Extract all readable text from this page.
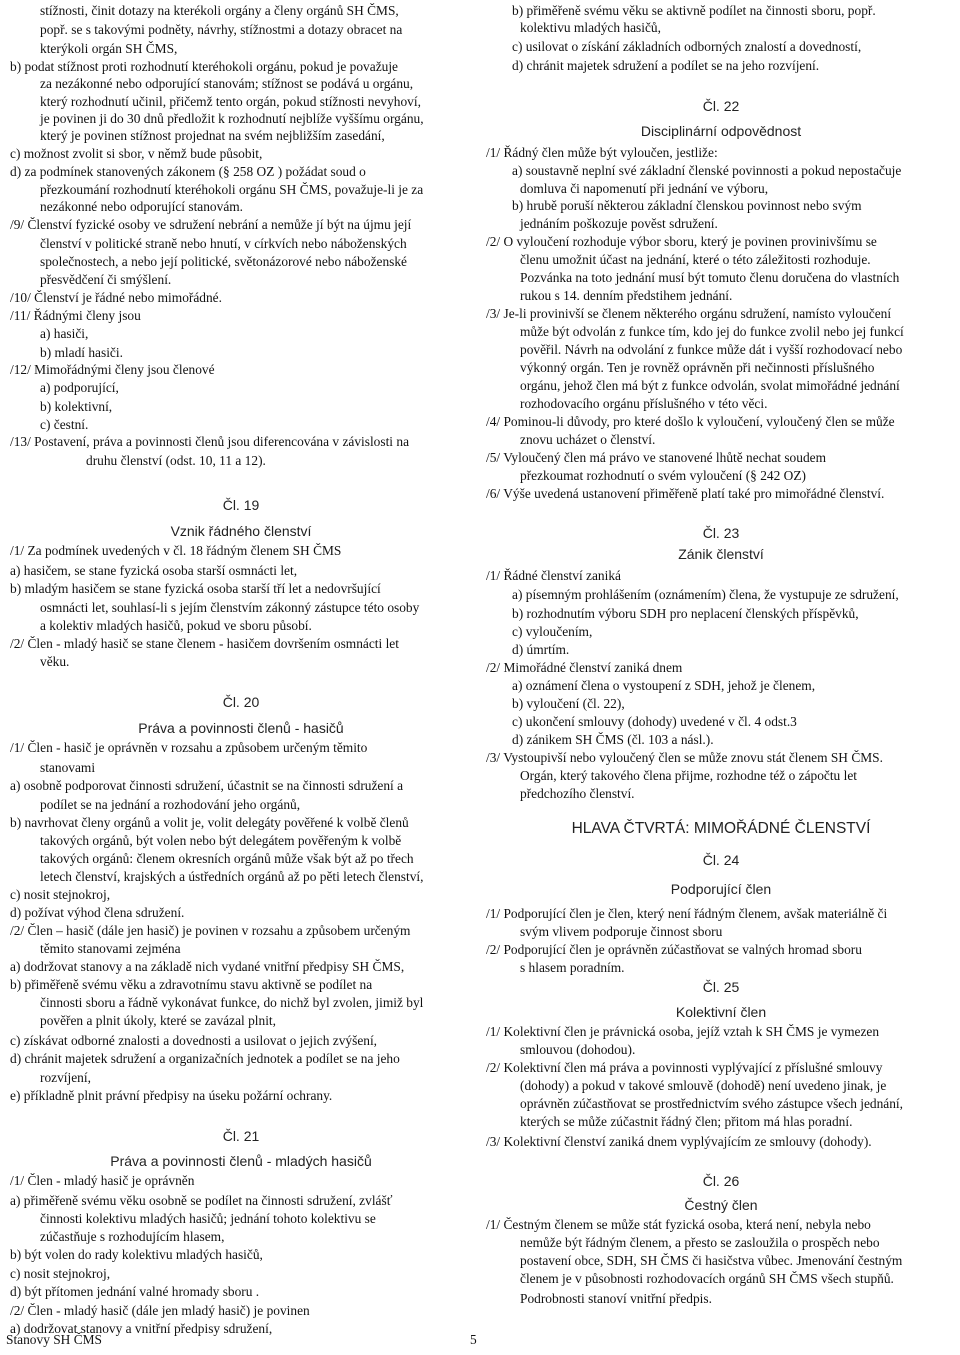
stížnosti, činit dotazy na kterékoli orgány a členy orgánů SH ČMS,
popř. se s takovými podněty, návrhy, stížnostmi a dotazy obracet na
kterýkoli orgán SH ČMS,
b) podat stížnost proti rozhodnutí kteréhokoli orgánu, pokud je považuje
za nezákonné nebo odporující stanovám; stížnost se podává u orgánu,
který rozhodnutí učinil, přičemž tento orgán, pokud stížnosti nevyhoví,
je povinen ji do 30 dnů předložit k rozhodnutí nejblíže vyššímu orgánu,
který je povinen stížnost projednat na svém nejbližším zasedání,
c) možnost zvolit si sbor, v němž bude působit,
d) za podmínek stanovených zákonem (§ 258 OZ ) požádat soud o
přezkoumání rozhodnutí kteréhokoli orgánu SH ČMS, považuje-li je za
nezákonné nebo odporující stanovám.
/9/ Členství fyzické osoby ve sdružení nebrání a nemůže jí být na újmu její
členství v politické straně nebo hnutí, v církvích nebo náboženských
společnostech, a nebo její politické, světonázorové nebo náboženské
přesvědčení či smýšlení.
/10/ Členství je řádné nebo mimořádné.
/11/ Řádnými členy jsou
a) hasiči,
b) mladí hasiči.
/12/ Mimořádnými členy jsou členové
a) podporující,
b) kolektivní,
c) čestní.
/13/ Postavení, práva a povinnosti členů jsou diferencována v závislosti na
druhu členství (odst. 10, 11 a 12).
Čl. 19
Vznik řádného členství
/1/ Za podmínek uvedených v čl. 18 řádným členem SH ČMS
a) hasičem, se stane fyzická osoba starší osmnácti let,
b) mladým hasičem se stane fyzická osoba starší tří let a nedovršující
osmnácti let, souhlasí-li s jejím členstvím zákonný zástupce této osoby
a kolektiv mladých hasičů, pokud ve sboru působí.
/2/ Člen - mladý hasič se stane členem - hasičem dovršením osmnácti let
věku.
Čl. 20
Práva a povinnosti členů - hasičů
/1/ Člen - hasič je oprávněn v rozsahu a způsobem určeným těmito
stanovami
a) osobně podporovat činnosti sdružení, účastnit se na činnosti sdružení a
podílet se na jednání a rozhodování jeho orgánů,
b) navrhovat členy orgánů a volit je, volit delegáty pověřené k volbě členů
takových orgánů, být volen nebo být delegátem pověřeným k volbě
takových orgánů: členem okresních orgánů může však být až po třech
letech členství, krajských a ústředních orgánů až po pěti letech členství,
c) nosit stejnokroj,
d) požívat výhod člena sdružení.
/2/ Člen – hasič (dále jen hasič) je povinen v rozsahu a způsobem určeným
těmito stanovami zejména
a) dodržovat stanovy a na základě nich vydané vnitřní předpisy SH ČMS,
b) přiměřeně svému věku a zdravotnímu stavu aktivně se podílet na
činnosti sboru a řádně vykonávat funkce, do nichž byl zvolen, jimiž byl
pověřen a plnit úkoly, které se zavázal plnit,
c) získávat odborné znalosti a dovednosti a usilovat o jejich zvýšení,
d) chránit majetek sdružení a organizačních jednotek a podílet se na jeho
rozvíjení,
e) příkladně plnit právní předpisy na úseku požární ochrany.
Čl. 21
Práva a povinnosti členů - mladých hasičů
/1/ Člen - mladý hasič je oprávněn
a) přiměřeně svému věku osobně se podílet na činnosti sdružení, zvlášť
činnosti kolektivu mladých hasičů; jednání tohoto kolektivu se
zúčastňuje s rozhodujícím hlasem,
b) být volen do rady kolektivu mladých hasičů,
c) nosit stejnokroj,
d) být přítomen jednání valné hromady sboru .
/2/ Člen - mladý hasič (dále jen mladý hasič) je povinen
a) dodržovat stanovy a vnitřní předpisy sdružení,
b) přiměřeně svému věku se aktivně podílet na činnosti sboru, popř.
kolektivu mladých hasičů,
c) usilovat o získání základních odborných znalostí a dovedností,
d) chránit majetek sdružení a podílet se na jeho rozvíjení.
Čl. 22
Disciplinární odpovědnost
/1/ Řádný člen může být vyloučen, jestliže:
a) soustavně neplní své základní členské povinnosti a pokud nepostačuje
domluva či napomenutí při jednání ve výboru,
b) hrubě poruší některou základní členskou povinnost nebo svým
jednáním poškozuje pověst sdružení.
/2/ O vyloučení rozhoduje výbor sboru, který je povinen provinivšímu se
členu umožnit účast na jednání, které o této záležitosti rozhoduje.
Pozvánka na toto jednání musí být tomuto členu doručena do vlastních
rukou s 14. denním předstihem jednání.
/3/ Je-li provinivší se členem některého orgánu sdružení, namísto vyloučení
může být odvolán z funkce tím, kdo jej do funkce zvolil nebo jej funkcí
pověřil. Návrh na odvolání z funkce může dát i vyšší rozhodovací nebo
výkonný orgán. Ten je rovněž oprávněn při nečinnosti příslušného
orgánu, jehož člen má být z funkce odvolán, svolat mimořádné jednání
rozhodovacího orgánu příslušného v této věci.
/4/ Pominou-li důvody, pro které došlo k vyloučení, vyloučený člen se může
znovu ucházet o členství.
/5/ Vyloučený člen má právo ve stanovené lhůtě nechat soudem
přezkoumat rozhodnutí o svém vyloučení (§ 242 OZ)
/6/ Výše uvedená ustanovení přiměřeně platí také pro mimořádné členství.
Čl. 23
Zánik členství
/1/ Řádné členství zaniká
a) písemným prohlášením (oznámením) člena, že vystupuje ze sdružení,
b) rozhodnutím výboru SDH pro neplacení členských příspěvků,
c) vyloučením,
d) úmrtím.
/2/ Mimořádné členství zaniká dnem
a) oznámení člena o vystoupení z SDH, jehož je členem,
b) vyloučení (čl. 22),
c) ukončení smlouvy (dohody) uvedené v čl. 4 odst.3
d) zánikem SH ČMS (čl. 103 a násl.).
/3/ Vystoupivší nebo vyloučený člen se může znovu stát členem SH ČMS.
Orgán, který takového člena přijme, rozhodne též o zápočtu let
předchozího členství.
HLAVA ČTVRTÁ: MIMOŘÁDNÉ ČLENSTVÍ
Čl. 24
Podporující člen
/1/ Podporující člen je člen, který není řádným členem, avšak materiálně či
svým vlivem podporuje činnost sboru
/2/ Podporující člen je oprávněn zúčastňovat se valných hromad sboru
s hlasem poradním.
Čl. 25
Kolektivní člen
/1/ Kolektivní člen je právnická osoba, jejíž vztah k SH ČMS je vymezen
smlouvou (dohodou).
/2/ Kolektivní člen má práva a povinnosti vyplývající z příslušné smlouvy
(dohody) a pokud v takové smlouvě (dohodě) není uvedeno jinak, je
oprávněn zúčastňovat se prostřednictvím svého zástupce všech jednání,
kterých se může zúčastnit řádný člen; přitom má hlas poradní.
/3/ Kolektivní členství zaniká dnem vyplývajícím ze smlouvy (dohody).
Čl. 26
Čestný člen
/1/ Čestným členem se může stát fyzická osoba, která není, nebyla nebo
nemůže být řádným členem, a přesto se zasloužila o prospěch nebo
postavení obce, SDH, SH ČMS či hasičstva vůbec. Jmenování čestným
členem je v působnosti rozhodovacích orgánů SH ČMS všech stupňů.
Podrobnosti stanoví vnitřní předpis.
Stanovy SH ČMS	5
